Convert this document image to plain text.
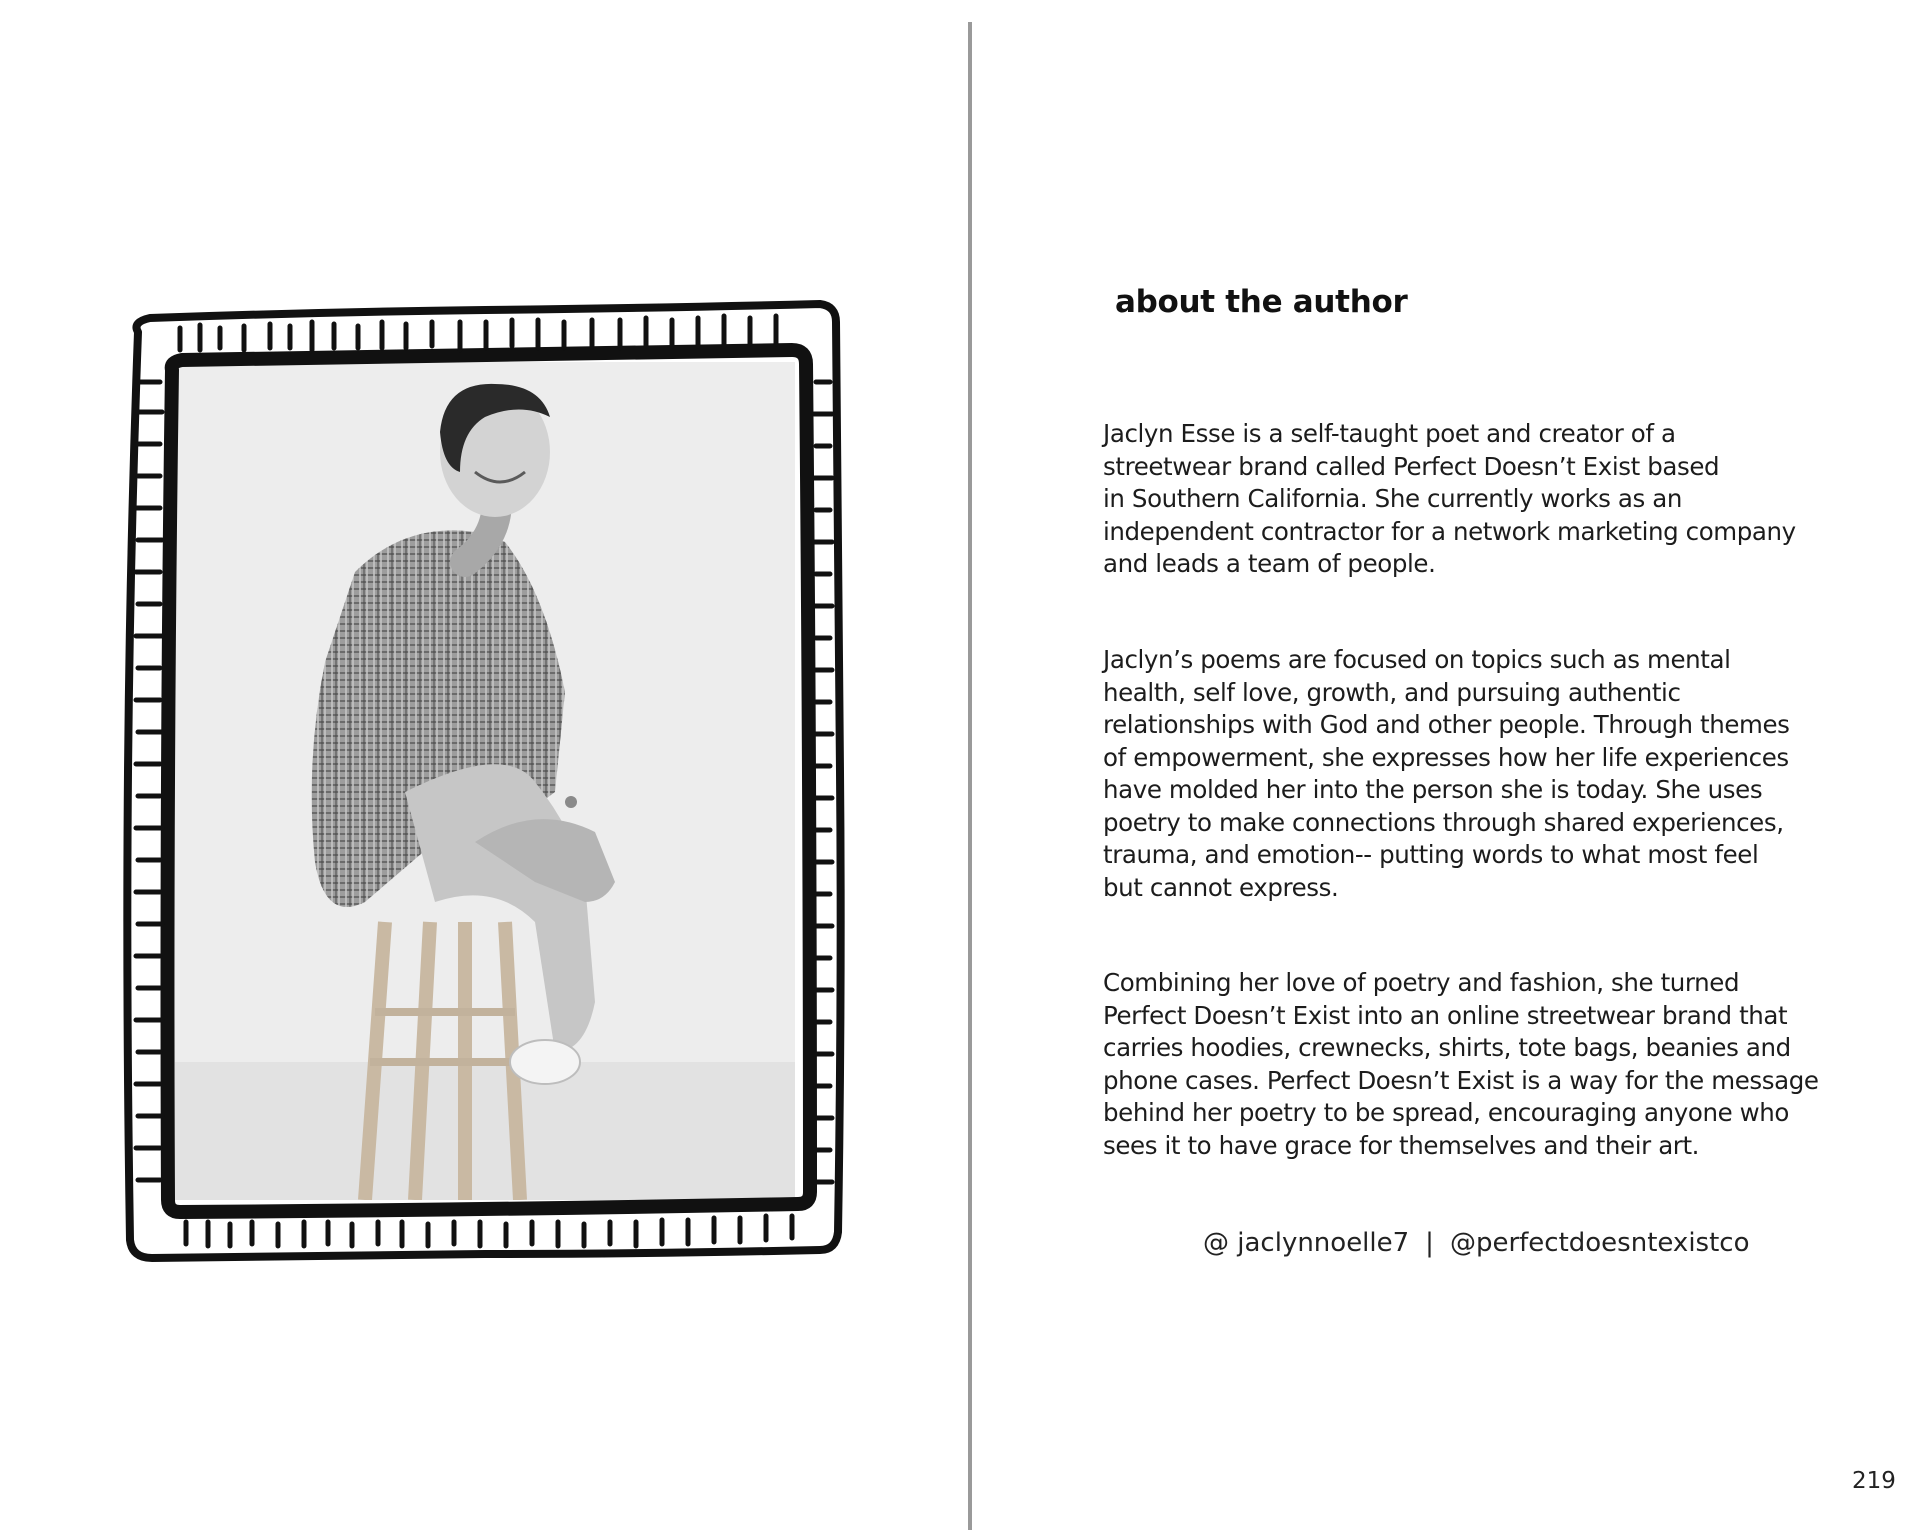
about the author
Jaclyn Esse is a self-taught poet and creator of a
streetwear brand called Perfect Doesn’t Exist based
in Southern California. She currently works as an
independent contractor for a network marketing company
and leads a team of people.
Jaclyn’s poems are focused on topics such as mental
health, self love, growth, and pursuing authentic
relationships with God and other people. Through themes
of empowerment, she expresses how her life experiences
have molded her into the person she is today. She uses
poetry to make connections through shared experiences,
trauma, and emotion-- putting words to what most feel
but cannot express.
Combining her love of poetry and fashion, she turned
Perfect Doesn’t Exist into an online streetwear brand that
carries hoodies, crewnecks, shirts, tote bags, beanies and
phone cases. Perfect Doesn’t Exist is a way for the message
behind her poetry to be spread, encouraging anyone who
sees it to have grace for themselves and their art.
@ jaclynnoelle7 | @perfectdoesntexistco
219
